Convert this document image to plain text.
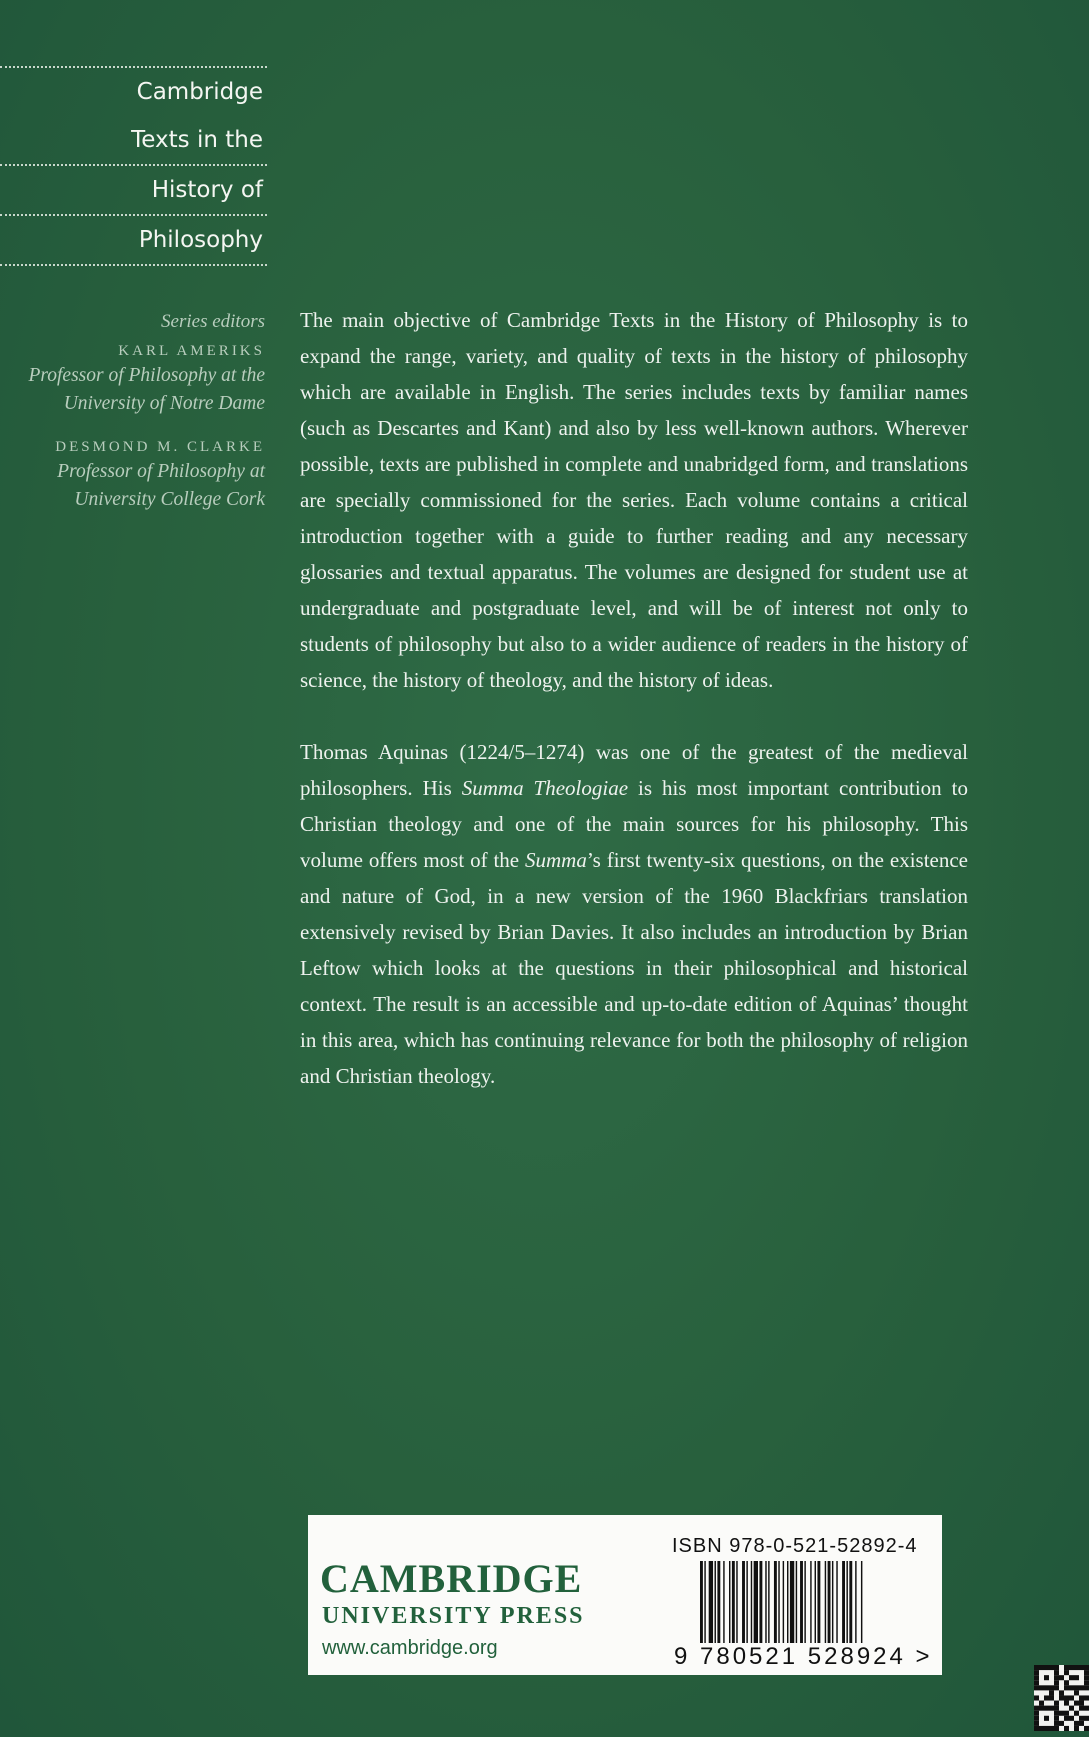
Cambridge
Texts in the
History of
Philosophy
Series editors
KARL AMERIKS
Professor of Philosophy at the
University of Notre Dame
DESMOND M. CLARKE
Professor of Philosophy at
University College Cork

The main objective of Cambridge Texts in the History of Philosophy is to expand the range, variety, and quality of texts in the history of philosophy which are available in English. The series includes texts by familiar names (such as Descartes and Kant) and also by less well-known authors. Wherever possible, texts are published in complete and unabridged form, and translations are specially commissioned for the series. Each volume contains a critical introduction together with a guide to further reading and any necessary glossaries and textual apparatus. The volumes are designed for student use at undergraduate and postgraduate level, and will be of interest not only to students of philosophy but also to a wider audience of readers in the history of science, the history of theology, and the history of ideas.

Thomas Aquinas (1224/5–1274) was one of the greatest of the medieval philosophers. His Summa Theologiae is his most important contribution to Christian theology and one of the main sources for his philosophy. This volume offers most of the Summa’s first twenty-six questions, on the existence and nature of God, in a new version of the 1960 Blackfriars translation extensively revised by Brian Davies. It also includes an introduction by Brian Leftow which looks at the questions in their philosophical and historical context. The result is an accessible and up-to-date edition of Aquinas’ thought in this area, which has continuing relevance for both the philosophy of religion and Christian theology.

CAMBRIDGE
UNIVERSITY PRESS
www.cambridge.org
ISBN 978-0-521-52892-4
9 780521 528924 >
